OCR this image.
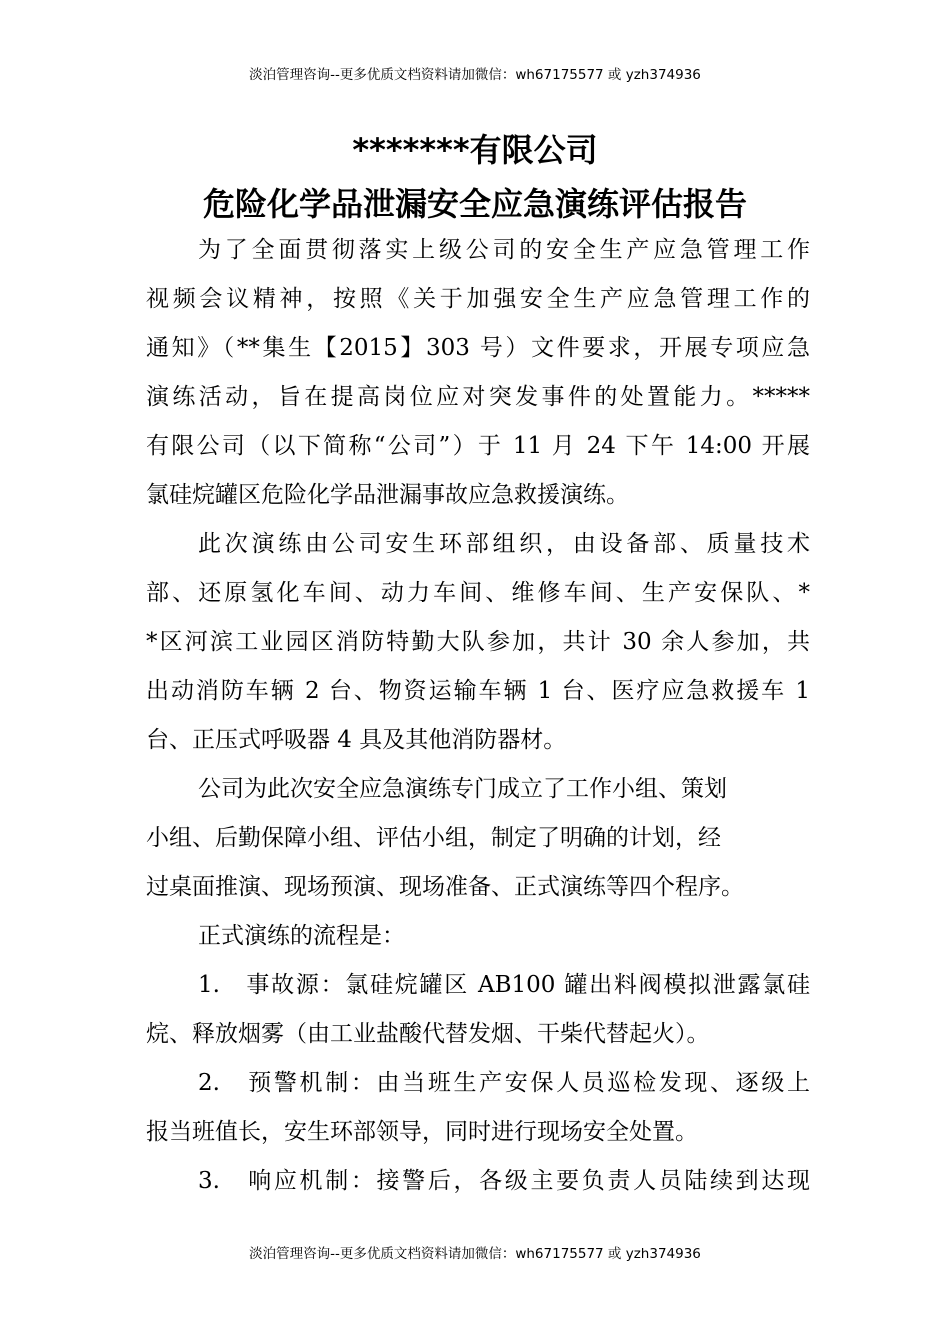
淡泊管理咨询--更多优质文档资料请加微信：wh67175577 或 yzh374936
*******有限公司
危险化学品泄漏安全应急演练评估报告
为了全面贯彻落实上级公司的安全生产应急管理工作
视频会议精神，按照《关于加强安全生产应急管理工作的
通知》（**集生【2015】303 号）文件要求，开展专项应急
演练活动，旨在提高岗位应对突发事件的处置能力。*****
有限公司（以下简称“公司”）于 11 月 24 下午 14:00 开展
氯硅烷罐区危险化学品泄漏事故应急救援演练。
此次演练由公司安生环部组织，由设备部、质量技术
部、还原氢化车间、动力车间、维修车间、生产安保队、*
*区河滨工业园区消防特勤大队参加，共计 30 余人参加，共
出动消防车辆 2 台、物资运输车辆 1 台、医疗应急救援车 1
台、正压式呼吸器 4 具及其他消防器材。
公司为此次安全应急演练专门成立了工作小组、策划
小组、后勤保障小组、评估小组，制定了明确的计划，经
过桌面推演、现场预演、现场准备、正式演练等四个程序。
正式演练的流程是：
1.　事故源：氯硅烷罐区 AB100 罐出料阀模拟泄露氯硅
烷、释放烟雾（由工业盐酸代替发烟、干柴代替起火）。
2.　预警机制：由当班生产安保人员巡检发现、逐级上
报当班值长，安生环部领导，同时进行现场安全处置。
3.　响应机制：接警后，各级主要负责人员陆续到达现
淡泊管理咨询--更多优质文档资料请加微信：wh67175577 或 yzh374936
